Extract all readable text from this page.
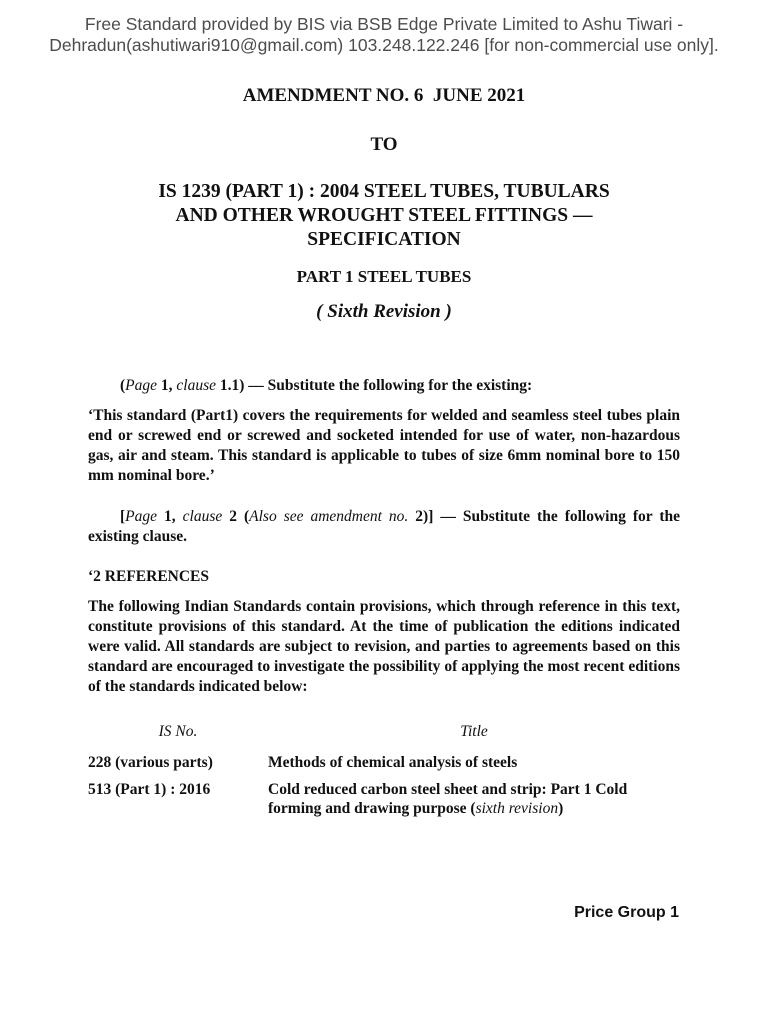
Free Standard provided by BIS via BSB Edge Private Limited to Ashu Tiwari -
Dehradun(ashutiwari910@gmail.com) 103.248.122.246 [for non-commercial use only].
AMENDMENT NO. 6  JUNE 2021
TO
IS 1239 (PART 1) : 2004 STEEL TUBES, TUBULARS
AND OTHER WROUGHT STEEL FITTINGS —
SPECIFICATION
PART 1 STEEL TUBES
( Sixth Revision )
(Page 1, clause 1.1) — Substitute the following for the existing:
‘This standard (Part1) covers the requirements for welded and seamless steel tubes plain end or screwed end or screwed and socketed intended for use of water, non-hazardous gas, air and steam. This standard is applicable to tubes of size 6mm nominal bore to 150 mm nominal bore.’
[Page 1, clause 2 (Also see amendment no. 2)] — Substitute the following for the existing clause.
‘2 REFERENCES
The following Indian Standards contain provisions, which through reference in this text, constitute provisions of this standard. At the time of publication the editions indicated were valid. All standards are subject to revision, and parties to agreements based on this standard are encouraged to investigate the possibility of applying the most recent editions of the standards indicated below:
IS No.	Title
228 (various parts)	Methods of chemical analysis of steels
513 (Part 1) : 2016	Cold reduced carbon steel sheet and strip: Part 1 Cold forming and drawing purpose (sixth revision)
Price Group 1
